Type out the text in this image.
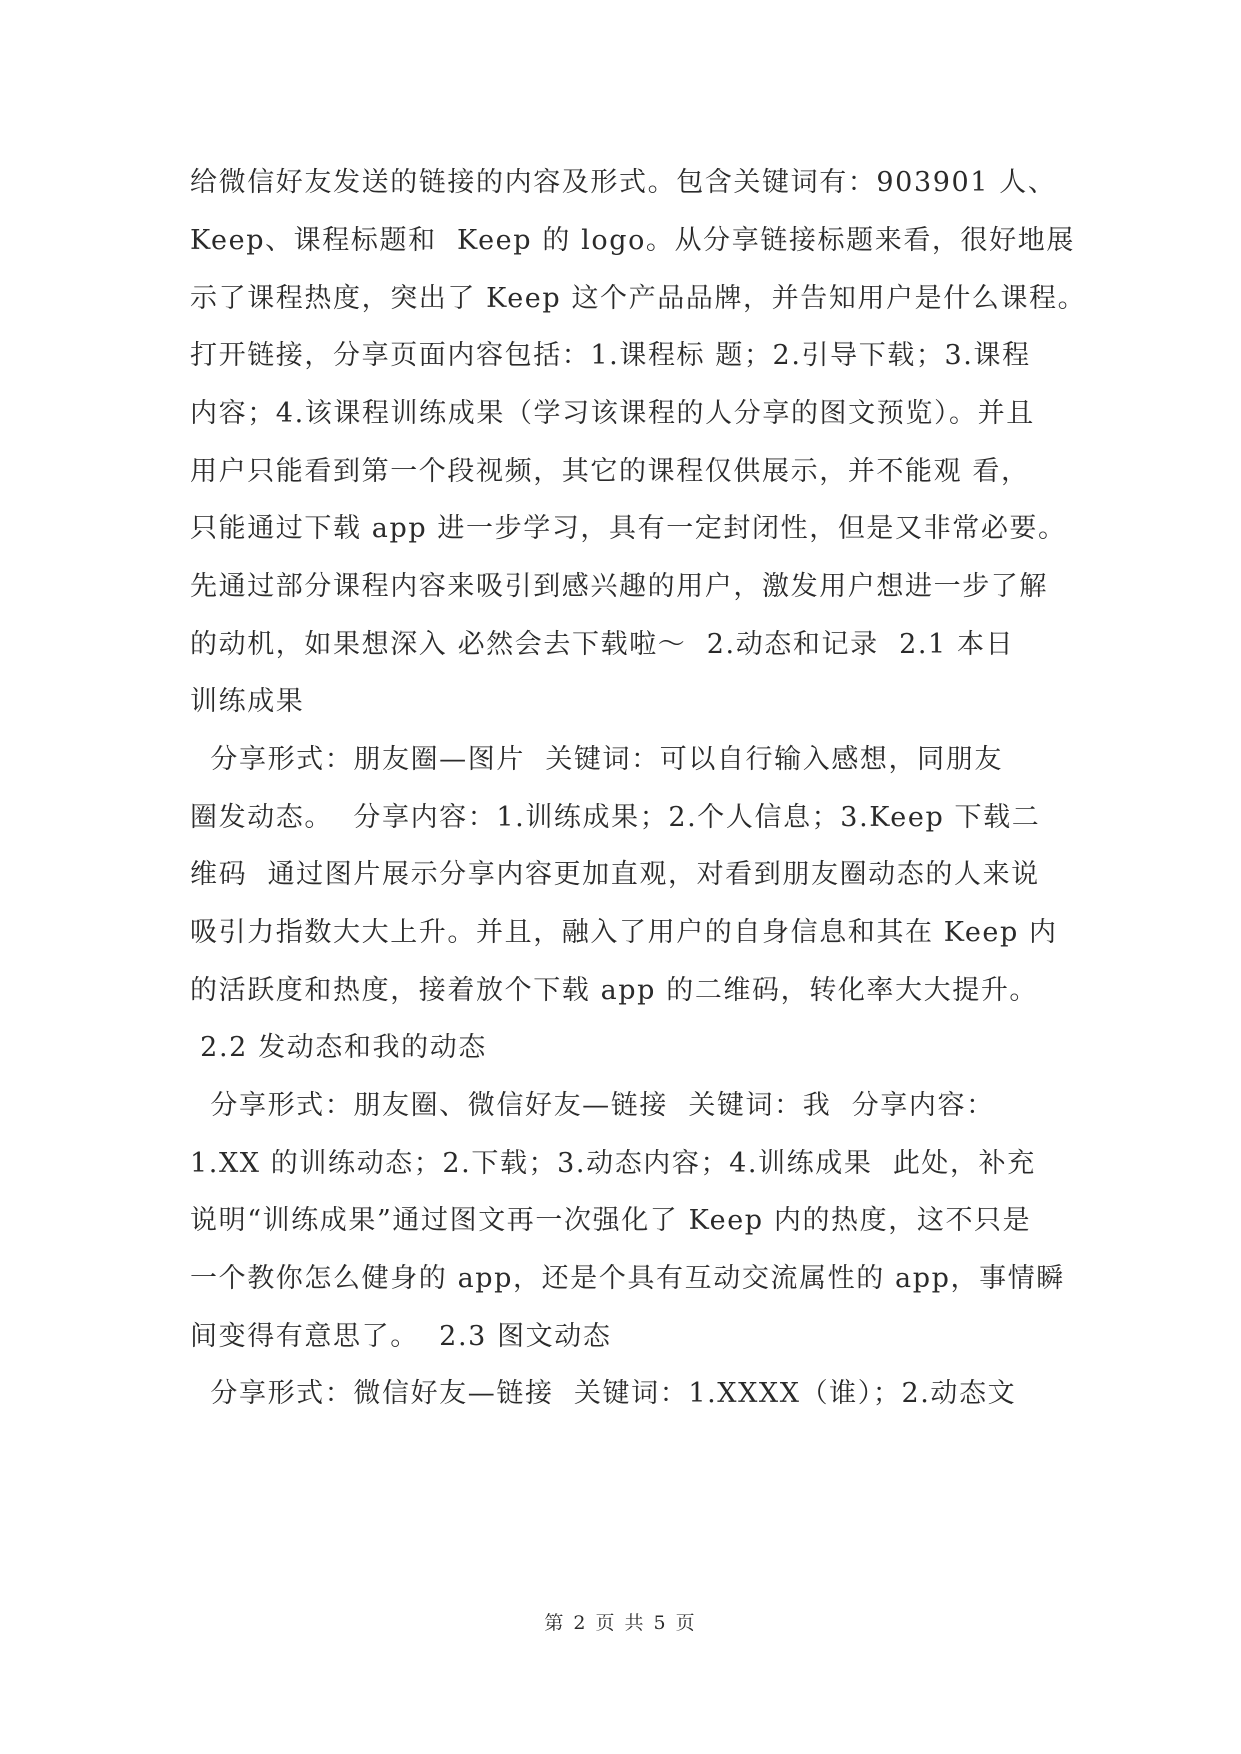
给微信好友发送的链接的内容及形式。包含关键词有：903901 人、
Keep、课程标题和  Keep 的 logo。从分享链接标题来看，很好地展
示了课程热度，突出了 Keep 这个产品品牌，并告知用户是什么课程。
打开链接，分享页面内容包括：1.课程标 题；2.引导下载；3.课程
内容；4.该课程训练成果（学习该课程的人分享的图文预览）。并且
用户只能看到第一个段视频，其它的课程仅供展示，并不能观 看，
只能通过下载 app 进一步学习，具有一定封闭性，但是又非常必要。
先通过部分课程内容来吸引到感兴趣的用户，激发用户想进一步了解
的动机，如果想深入 必然会去下载啦～  2.动态和记录  2.1 本日
训练成果
分享形式：朋友圈—图片  关键词：可以自行输入感想，同朋友
圈发动态。  分享内容：1.训练成果；2.个人信息；3.Keep 下载二
维码  通过图片展示分享内容更加直观，对看到朋友圈动态的人来说
吸引力指数大大上升。并且，融入了用户的自身信息和其在 Keep 内
的活跃度和热度，接着放个下载 app 的二维码，转化率大大提升。
2.2 发动态和我的动态
分享形式：朋友圈、微信好友—链接  关键词：我  分享内容：
1.XX 的训练动态；2.下载；3.动态内容；4.训练成果  此处，补充
说明“训练成果”通过图文再一次强化了 Keep 内的热度，这不只是
一个教你怎么健身的 app，还是个具有互动交流属性的 app，事情瞬
间变得有意思了。  2.3 图文动态
分享形式：微信好友—链接  关键词：1.XXXX（谁）；2.动态文
第 2 页 共 5 页
